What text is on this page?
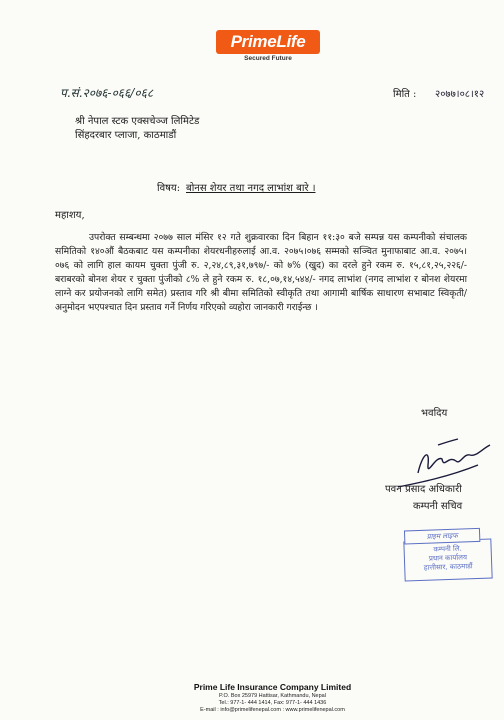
PrimeLife
Secured Future
प.सं.२०७६-०६६/०६८	मिति : २०७७।०८।१२
श्री नेपाल स्टक एक्सचेञ्ज लिमिटेड
सिंहदरबार प्लाजा, काठमाडौं
विषय: बोनस शेयर तथा नगद लाभांश बारे ।
महाशय,
उपरोक्त सम्बन्धमा २०७७ साल मंसिर १२ गते शुक्रवारका दिन बिहान ११:३० बजे सम्पन्न यस कम्पनीको संचालक समितिको १४०औं बैठकबाट यस कम्पनीका शेयरधनीहरुलाई आ.व. २०७५।०७६ सम्मको सञ्चित मुनाफाबाट आ.व. २०७५।०७६ को लागि हाल कायम चुक्ता पुंजी रु. २,२४,८९,३१,७९७/- को ७% (खुद) का दरले हुने रकम रु. १५,८१,२५,२२६/- बराबरको बोनश शेयर र चुक्ता पुंजीको ८% ले हुने रकम रु. १८,०७,१४,५४४/- नगद लाभांश (नगद लाभांश र बोनश शेयरमा लाग्ने कर प्रयोजनको लागि समेत) प्रस्ताव गरि श्री बीमा समितिको स्वीकृति तथा आगामी बार्षिक साधारण सभाबाट स्विकृती/अनुमोदन भएपश्चात दिन प्रस्ताव गर्ने निर्णय गरिएको व्यहोरा जानकारी गराईन्छ ।
भवदिय
पवन प्रसाद अधिकारी
कम्पनी सचिव
प्राइम लाइफ
कम्पनी लि.
प्रधान कार्यालय
हात्तीसार, काठमाडौं
Prime Life Insurance Company Limited
P.O. Box 25979 Hattisar, Kathmandu, Nepal
Tel.: 977-1- 444 1414, Fax: 977-1- 444 1436
E-mail : info@primelifenepal.com : www.primelifenepal.com
